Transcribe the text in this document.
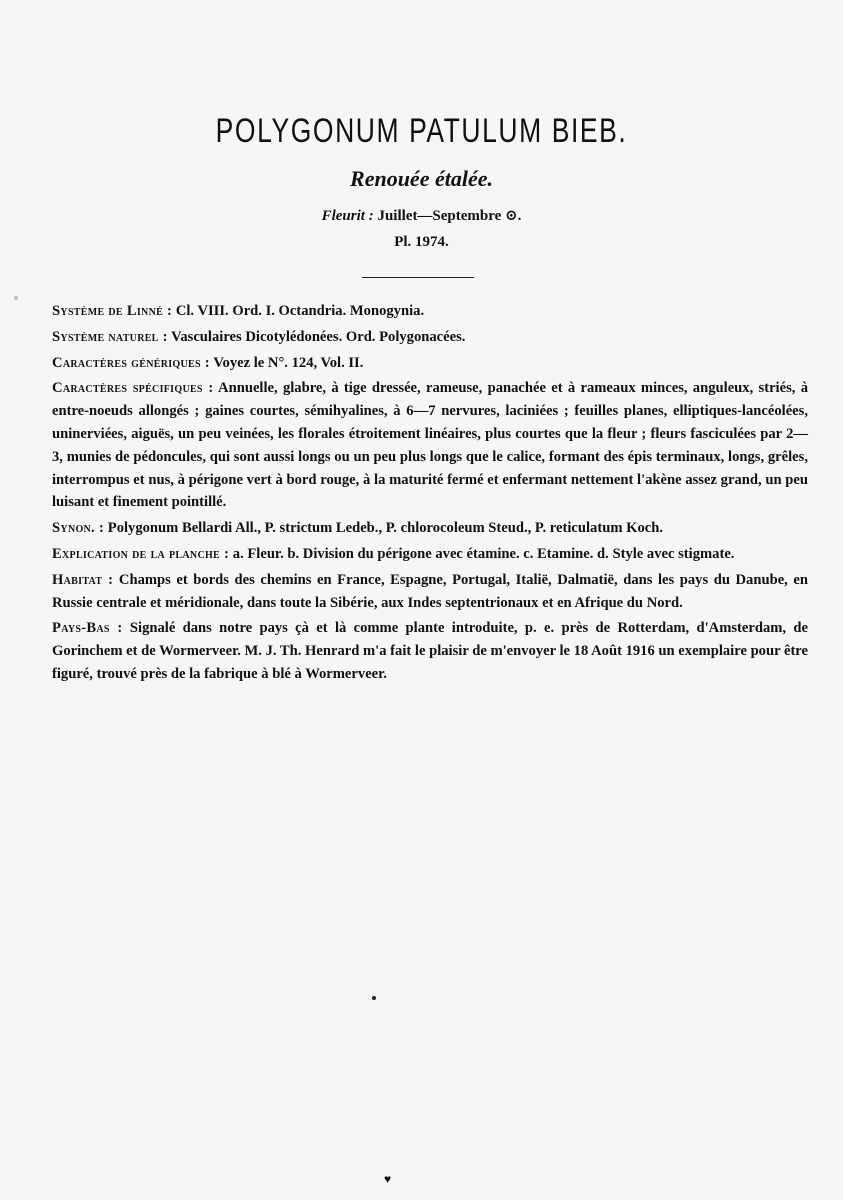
POLYGONUM PATULUM BIEB.
Renouée étalée.
Fleurit : Juillet—Septembre ⊙.
Pl. 1974.

Système de Linné : Cl. VIII. Ord. I. Octandria. Monogynia.

Système naturel : Vasculaires Dicotylédonées. Ord. Polygonacées.

Caractères génériques : Voyez le N°. 124, Vol. II.

Caractères spécifiques : Annuelle, glabre, à tige dressée, rameuse, panachée et à rameaux minces, anguleux, striés, à entre-noeuds allongés ; gaines courtes, sémihyalines, à 6—7 nervures, laciniées ; feuilles planes, elliptiques-lancéolées, uninerviées, aiguës, un peu veinées, les florales étroitement linéaires, plus courtes que la fleur ; fleurs fasciculées par 2—3, munies de pédoncules, qui sont aussi longs ou un peu plus longs que le calice, formant des épis terminaux, longs, grêles, interrompus et nus, à périgone vert à bord rouge, à la maturité fermé et enfermant nettement l'akène assez grand, un peu luisant et finement pointillé.

Synon. : Polygonum Bellardi All., P. strictum Ledeb., P. chlorocoleum Steud., P. reticulatum Koch.

Explication de la planche : a. Fleur. b. Division du périgone avec étamine. c. Etamine. d. Style avec stigmate.

Habitat : Champs et bords des chemins en France, Espagne, Portugal, Italië, Dalmatië, dans les pays du Danube, en Russie centrale et méridionale, dans toute la Sibérie, aux Indes septentrionaux et en Afrique du Nord.

Pays-Bas : Signalé dans notre pays çà et là comme plante introduite, p. e. près de Rotterdam, d'Amsterdam, de Gorinchem et de Wormerveer. M. J. Th. Henrard m'a fait le plaisir de m'envoyer le 18 Août 1916 un exemplaire pour être figuré, trouvé près de la fabrique à blé à Wormerveer.

♥
